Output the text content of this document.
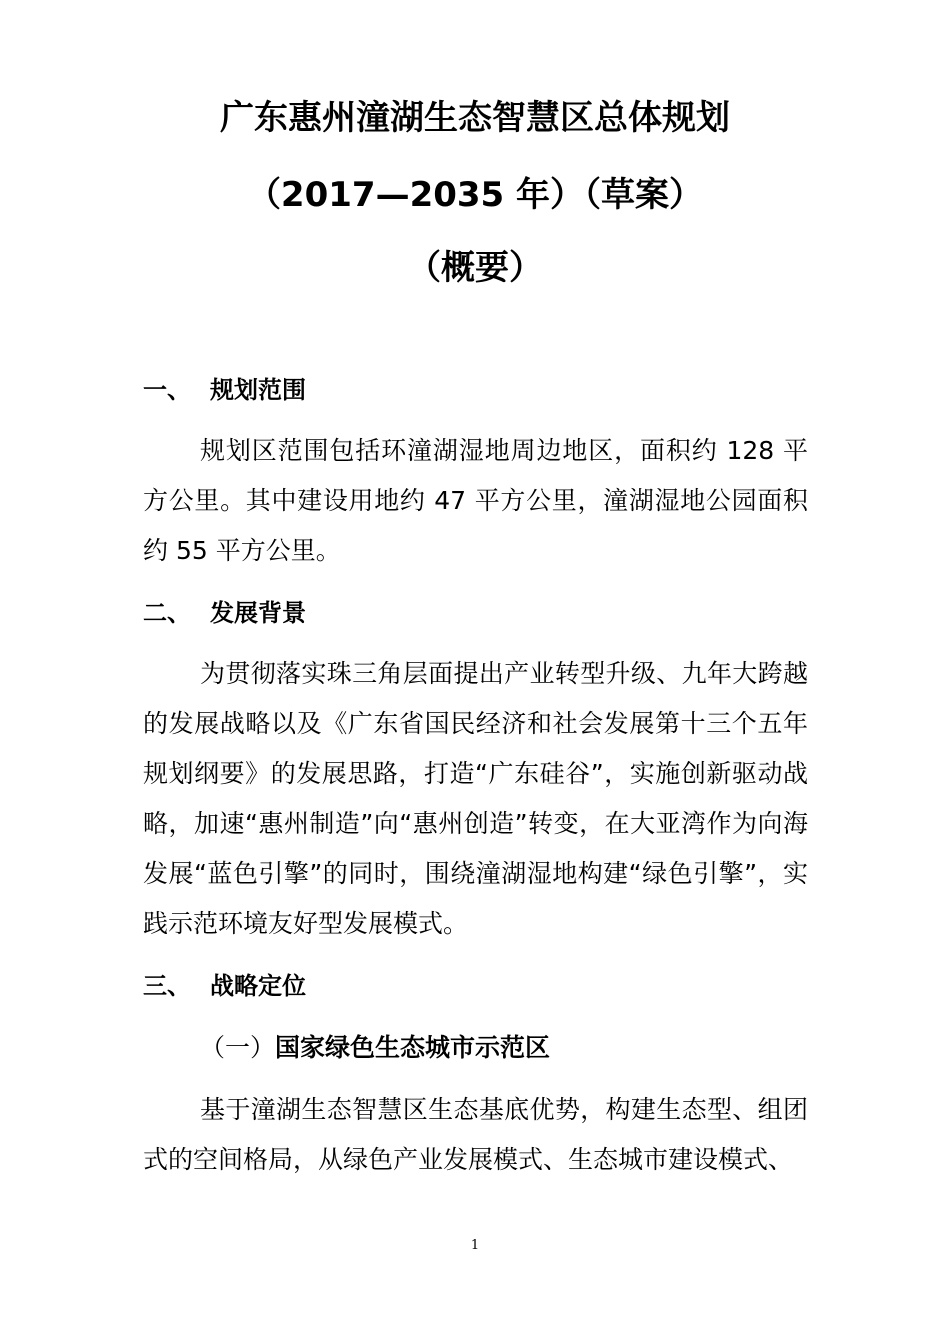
广东惠州潼湖生态智慧区总体规划
（2017—2035 年）（草案）
（概要）
一、 规划范围
规划区范围包括环潼湖湿地周边地区，面积约 128 平方公里。其中建设用地约 47 平方公里，潼湖湿地公园面积约 55 平方公里。
二、 发展背景
为贯彻落实珠三角层面提出产业转型升级、九年大跨越的发展战略以及《广东省国民经济和社会发展第十三个五年规划纲要》的发展思路，打造“广东硅谷”，实施创新驱动战略，加速“惠州制造”向“惠州创造”转变，在大亚湾作为向海发展“蓝色引擎”的同时，围绕潼湖湿地构建“绿色引擎”，实践示范环境友好型发展模式。
三、 战略定位
（一）国家绿色生态城市示范区
基于潼湖生态智慧区生态基底优势，构建生态型、组团式的空间格局，从绿色产业发展模式、生态城市建设模式、
1
